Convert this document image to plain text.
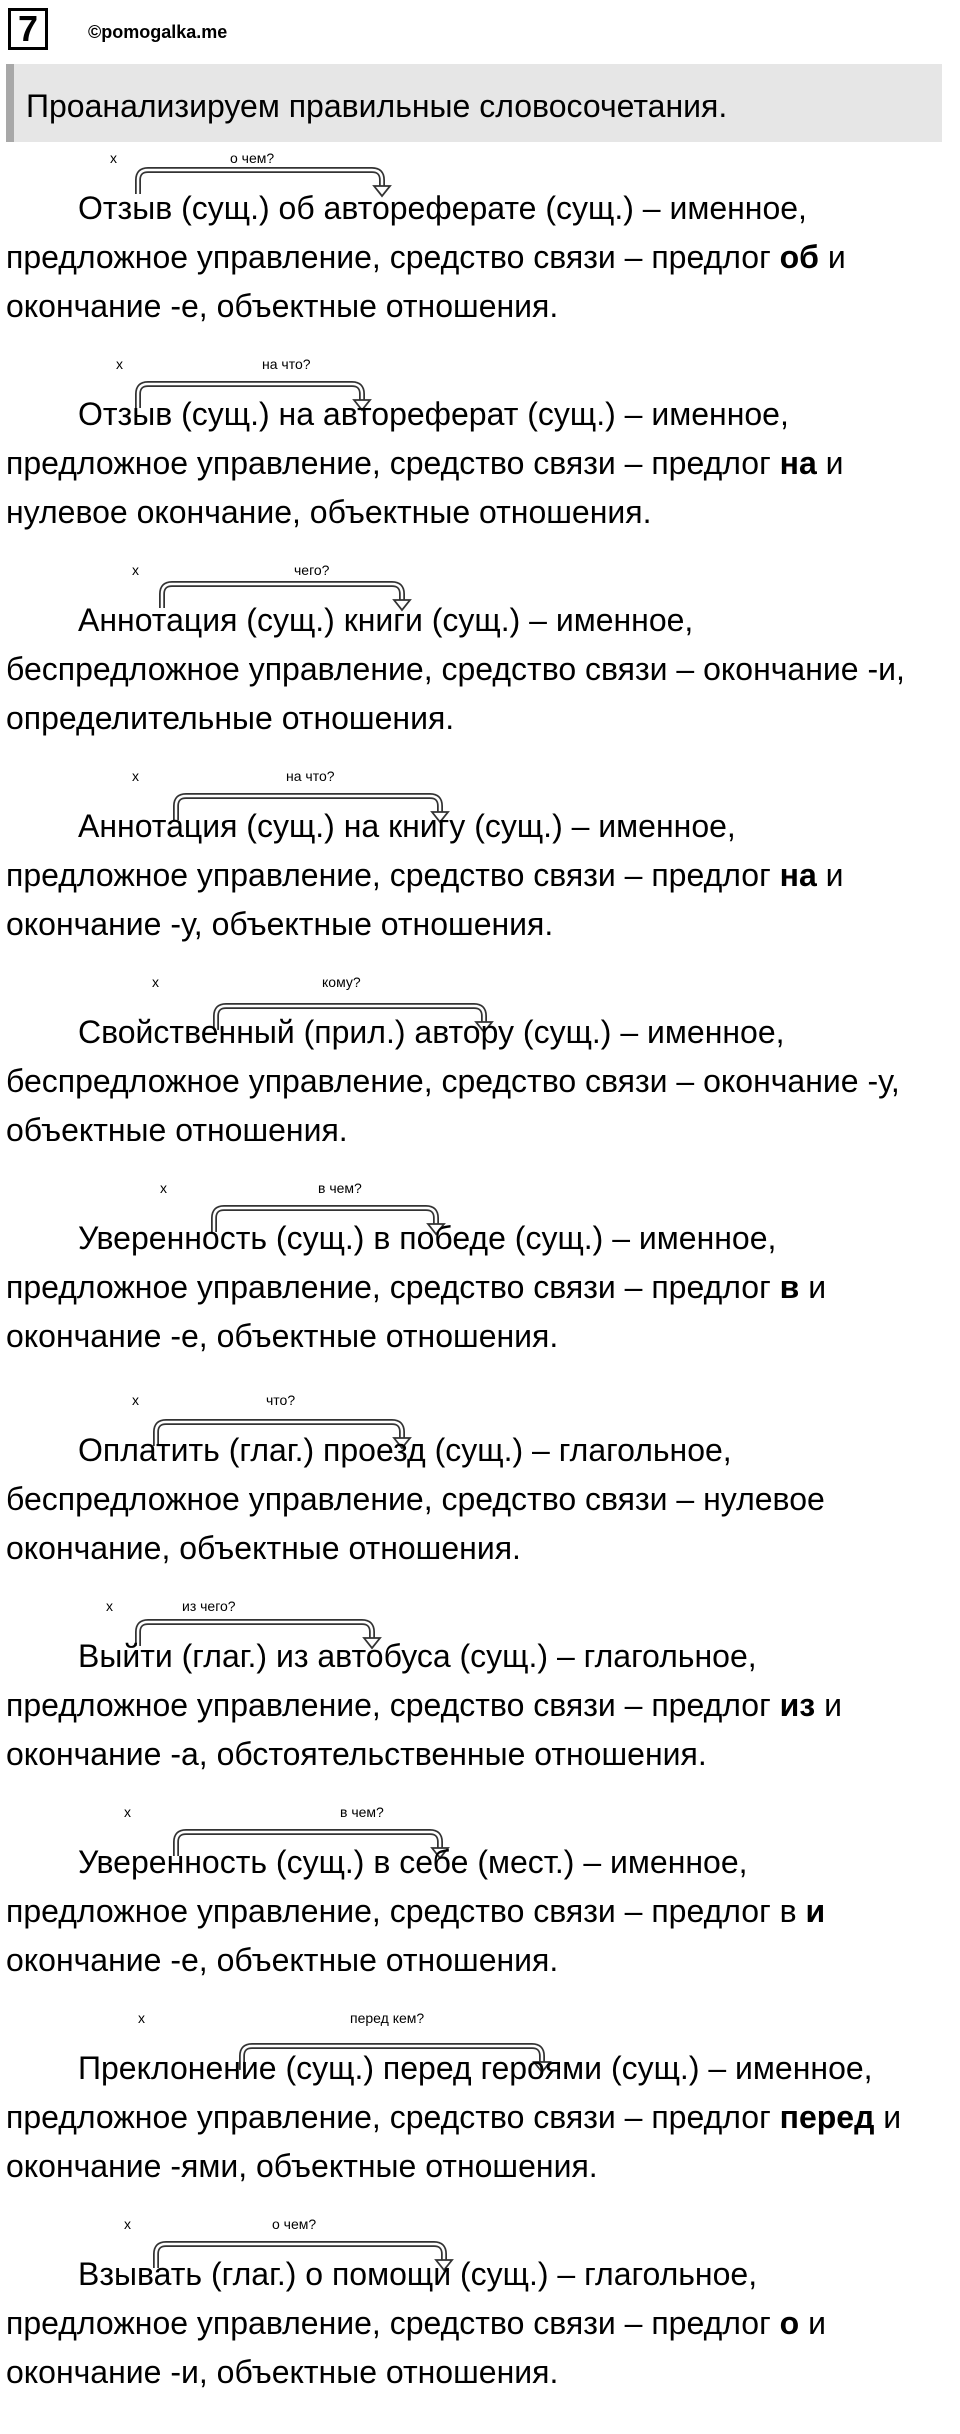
7	©pomogalka.me
Проанализируем правильные словосочетания.
х	о чем?

Отзыв (сущ.) об автореферате (сущ.) – именное,
предложное управление, средство связи – предлог об и
окончание -е, объектные отношения.

х	на что?

Отзыв (сущ.) на автореферат (сущ.) – именное,
предложное управление, средство связи – предлог на и
нулевое окончание, объектные отношения.

х	чего?

Аннотация (сущ.) книги (сущ.) – именное,
беспредложное управление, средство связи – окончание -и,
определительные отношения.

х	на что?

Аннотация (сущ.) на книгу (сущ.) – именное,
предложное управление, средство связи – предлог на и
окончание -у, объектные отношения.

х	кому?

Свойственный (прил.) автору (сущ.) – именное,
беспредложное управление, средство связи – окончание -у,
объектные отношения.

х	в чем?

Уверенность (сущ.) в победе (сущ.) – именное,
предложное управление, средство связи – предлог в и
окончание -е, объектные отношения.

х	что?

Оплатить (глаг.) проезд (сущ.) – глагольное,
беспредложное управление, средство связи – нулевое
окончание, объектные отношения.

х	из чего?

Выйти (глаг.) из автобуса (сущ.) – глагольное,
предложное управление, средство связи – предлог из и
окончание -а, обстоятельственные отношения.

х	в чем?

Уверенность (сущ.) в себе (мест.) – именное,
предложное управление, средство связи – предлог в и
окончание -е, объектные отношения.

х	перед кем?

Преклонение (сущ.) перед героями (сущ.) – именное,
предложное управление, средство связи – предлог перед и
окончание -ями, объектные отношения.

х	о чем?

Взывать (глаг.) о помощи (сущ.) – глагольное,
предложное управление, средство связи – предлог о и
окончание -и, объектные отношения.
